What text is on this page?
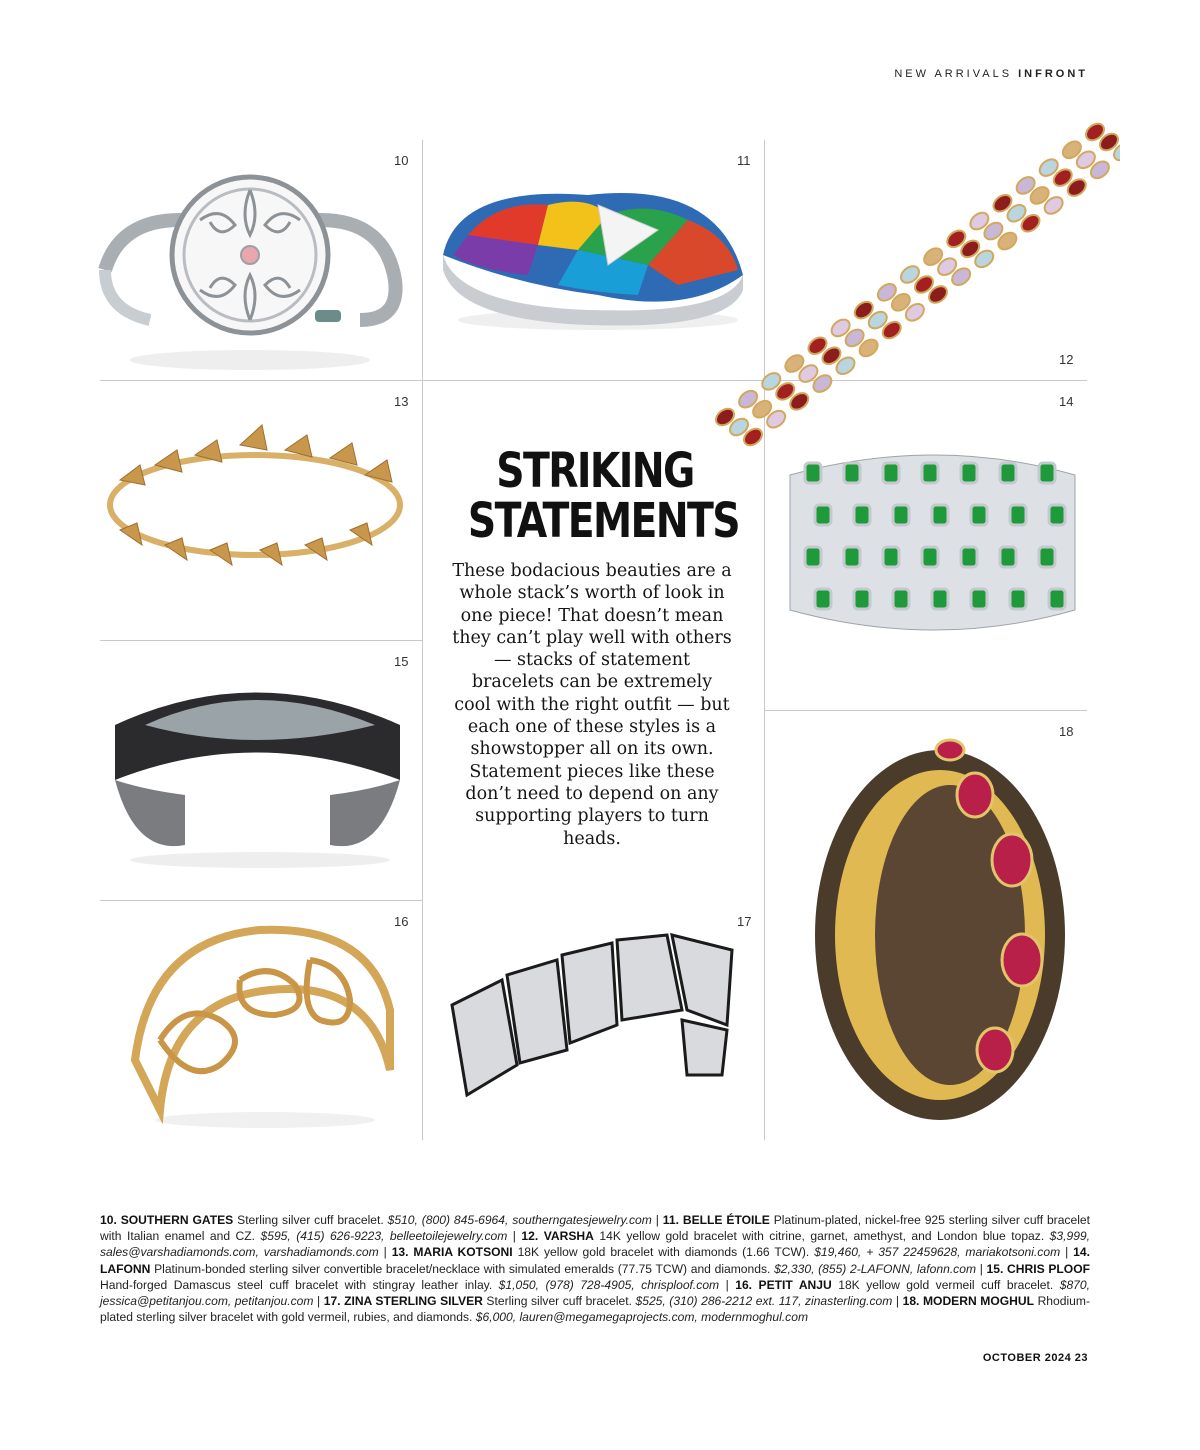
NEW ARRIVALS INFRONT
10	11
12
13	14
15
16	17
18
STRIKING
STATEMENTS
These bodacious beauties are a whole stack’s worth of look in one piece! That doesn’t mean they can’t play well with others — stacks of statement bracelets can be extremely cool with the right outfit — but each one of these styles is a showstopper all on its own. Statement pieces like these don’t need to depend on any supporting players to turn heads.
10. SOUTHERN GATES Sterling silver cuff bracelet. $510, (800) 845-6964, southerngatesjewelry.com | 11. BELLE ÉTOILE Platinum-plated, nickel-free 925 sterling silver cuff bracelet with Italian enamel and CZ. $595, (415) 626-9223, belleetoilejewelry.com | 12. VARSHA 14K yellow gold bracelet with citrine, garnet, amethyst, and London blue topaz. $3,999, sales@varshadiamonds.com, varshadiamonds.com | 13. MARIA KOTSONI 18K yellow gold bracelet with diamonds (1.66 TCW). $19,460, + 357 22459628, mariakotsoni.com | 14. LAFONN Platinum-bonded sterling silver convertible bracelet/necklace with simulated emeralds (77.75 TCW) and diamonds. $2,330, (855) 2-LAFONN, lafonn.com | 15. CHRIS PLOOF Hand-forged Damascus steel cuff bracelet with stingray leather inlay. $1,050, (978) 728-4905, chrisploof.com | 16. PETIT ANJU 18K yellow gold vermeil cuff bracelet. $870, jessica@petitanjou.com, petitanjou.com | 17. ZINA STERLING SILVER Sterling silver cuff bracelet. $525, (310) 286-2212 ext. 117, zinasterling.com | 18. MODERN MOGHUL Rhodium-plated sterling silver bracelet with gold vermeil, rubies, and diamonds. $6,000, lauren@megamegaprojects.com, modernmoghul.com
OCTOBER 2024 23
